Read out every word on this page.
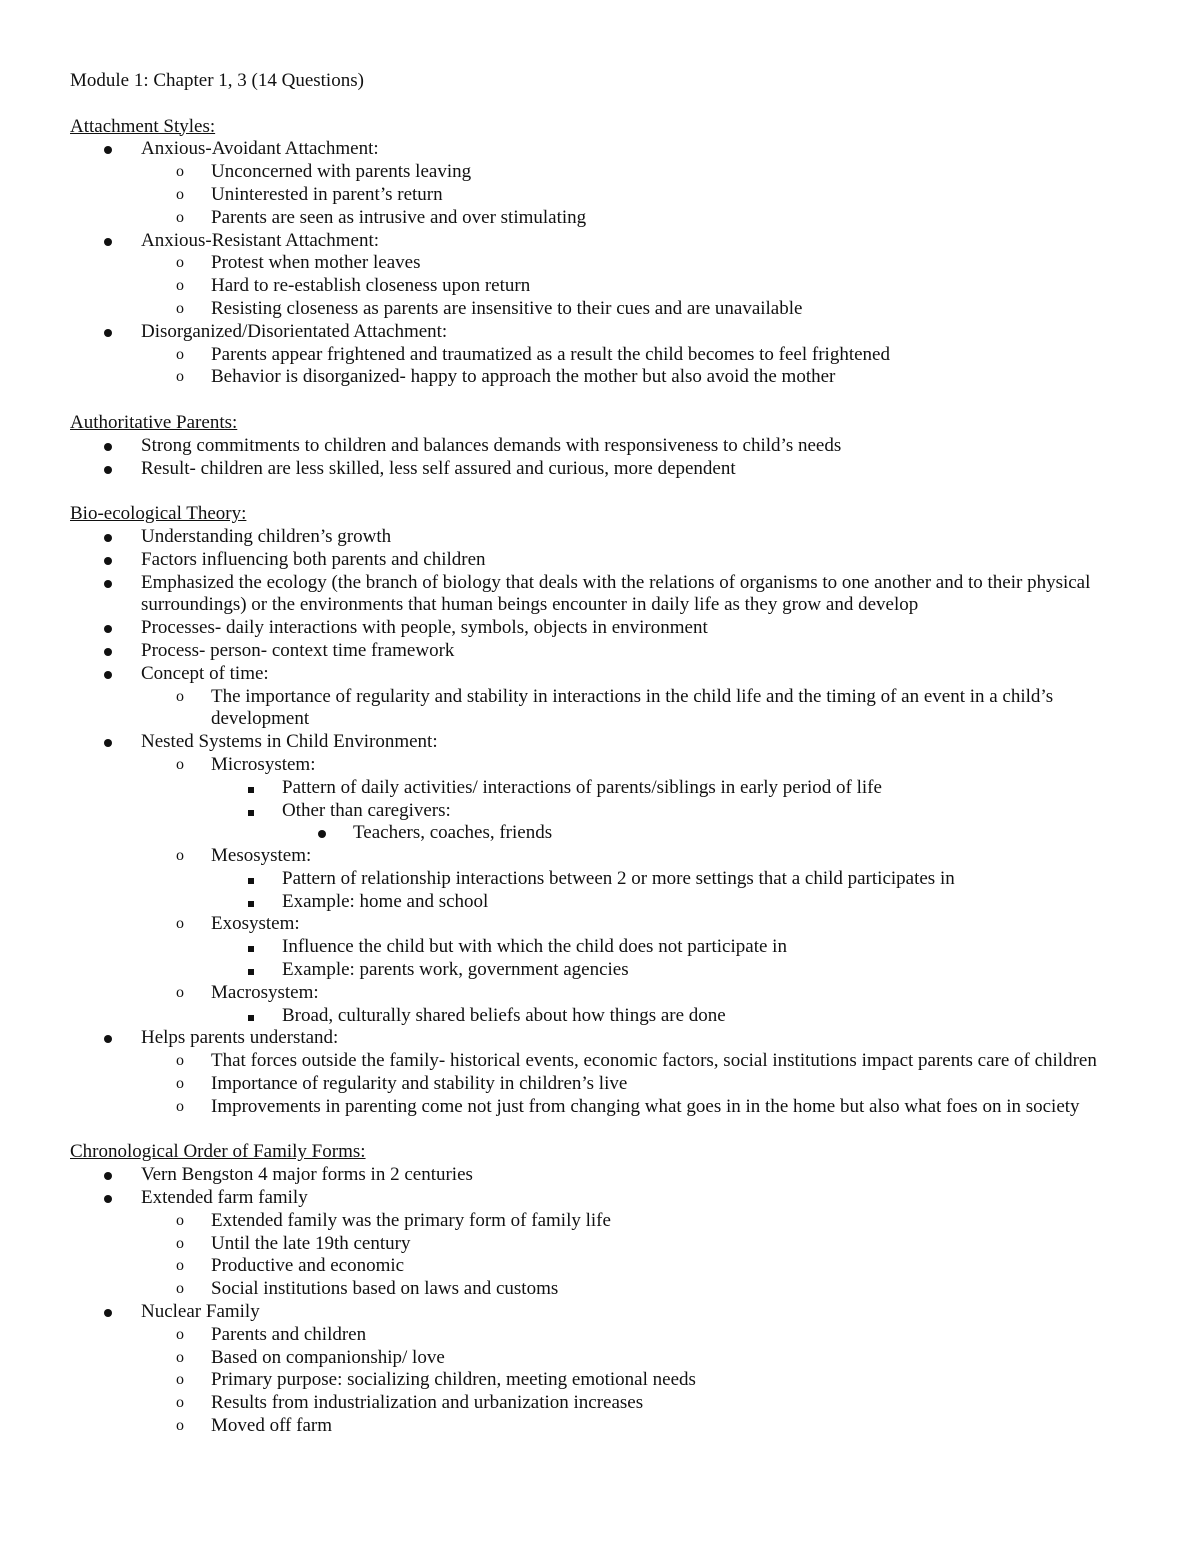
Module 1: Chapter 1, 3 (14 Questions)
Attachment Styles:
Anxious-Avoidant Attachment:
o Unconcerned with parents leaving
o Uninterested in parent’s return
o Parents are seen as intrusive and over stimulating
Anxious-Resistant Attachment:
o Protest when mother leaves
o Hard to re-establish closeness upon return
o Resisting closeness as parents are insensitive to their cues and are unavailable
Disorganized/Disorientated Attachment:
o Parents appear frightened and traumatized as a result the child becomes to feel frightened
o Behavior is disorganized- happy to approach the mother but also avoid the mother
Authoritative Parents:
Strong commitments to children and balances demands with responsiveness to child’s needs
Result- children are less skilled, less self assured and curious, more dependent
Bio-ecological Theory:
Understanding children’s growth
Factors influencing both parents and children
Emphasized the ecology (the branch of biology that deals with the relations of organisms to one another and to their physical surroundings) or the environments that human beings encounter in daily life as they grow and develop
Processes- daily interactions with people, symbols, objects in environment
Process- person- context time framework
Concept of time:
o The importance of regularity and stability in interactions in the child life and the timing of an event in a child’s development
Nested Systems in Child Environment:
o Microsystem:
Pattern of daily activities/ interactions of parents/siblings in early period of life
Other than caregivers:
Teachers, coaches, friends
o Mesosystem:
Pattern of relationship interactions between 2 or more settings that a child participates in
Example: home and school
o Exosystem:
Influence the child but with which the child does not participate in
Example: parents work, government agencies
o Macrosystem:
Broad, culturally shared beliefs about how things are done
Helps parents understand:
o That forces outside the family- historical events, economic factors, social institutions impact parents care of children
o Importance of regularity and stability in children’s live
o Improvements in parenting come not just from changing what goes in in the home but also what foes on in society
Chronological Order of Family Forms:
Vern Bengston 4 major forms in 2 centuries
Extended farm family
o Extended family was the primary form of family life
o Until the late 19th century
o Productive and economic
o Social institutions based on laws and customs
Nuclear Family
o Parents and children
o Based on companionship/ love
o Primary purpose: socializing children, meeting emotional needs
o Results from industrialization and urbanization increases
o Moved off farm
